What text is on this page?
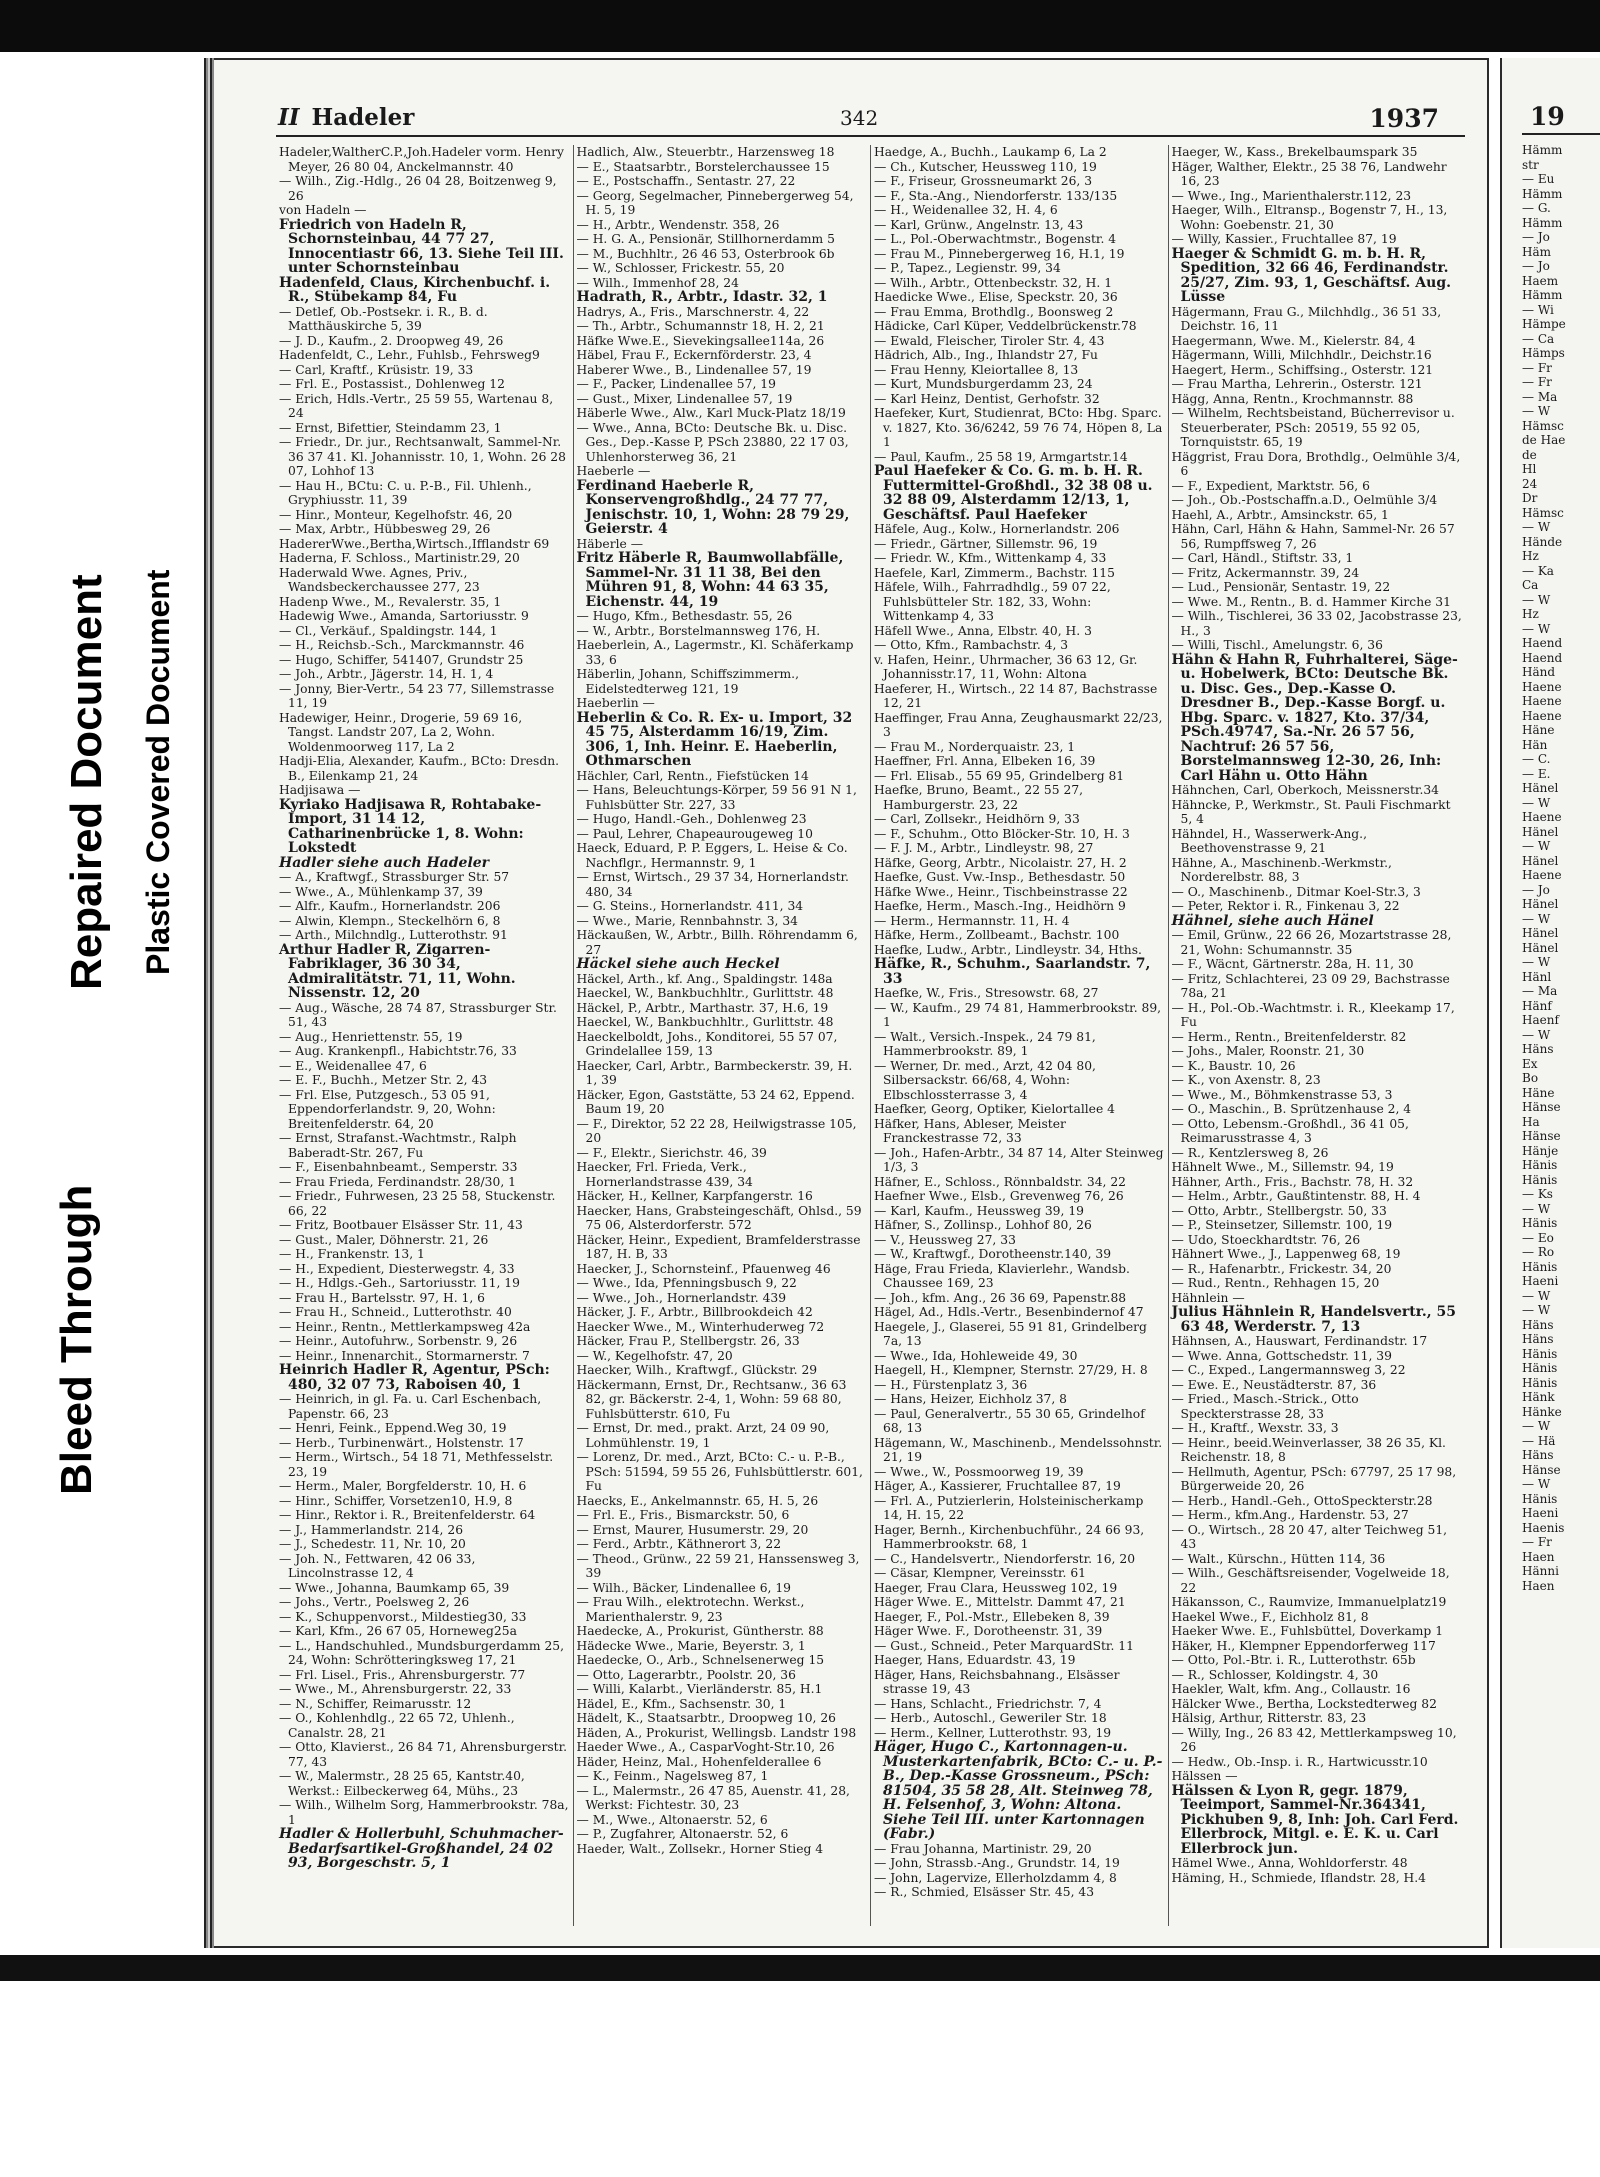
Bleed Through
Repaired Document Plastic Covered Document
II Hadeler	342	1937

Hadeler,WaltherC.P.,Joh.Hadeler vorm. Henry Meyer, 26 80 04, Anckelmannstr. 40

— Wilh., Zig.-Hdlg., 26 04 28, Boitzenweg 9, 26

von Hadeln —

Friedrich von Hadeln R, Schornsteinbau, 44 77 27, Innocentiastr 66, 13. Siehe Teil III. unter Schornsteinbau

Hadenfeld, Claus, Kirchenbuchf. i. R., Stübekamp 84, Fu

— Detlef, Ob.-Postsekr. i. R., B. d. Matthäuskirche 5, 39

— J. D., Kaufm., 2. Droopweg 49, 26

Hadenfeldt, C., Lehr., Fuhlsb., Fehrsweg9

— Carl, Kraftf., Krüsistr. 19, 33

— Frl. E., Postassist., Dohlenweg 12

— Erich, Hdls.-Vertr., 25 59 55, Wartenau 8, 24

— Ernst, Bifettier, Steindamm 23, 1

— Friedr., Dr. jur., Rechtsanwalt, Sammel-Nr. 36 37 41. Kl. Johannisstr. 10, 1, Wohn. 26 28 07, Lohhof 13

— Hau H., BCtu: C. u. P.-B., Fil. Uhlenh., Gryphiusstr. 11, 39

— Hinr., Monteur, Kegelhofstr. 46, 20

— Max, Arbtr., Hübbesweg 29, 26

HadererWwe.,Bertha,Wirtsch.,Ifflandstr 69

Haderna, F. Schloss., Martinistr.29, 20

Haderwald Wwe. Agnes, Priv., Wandsbeckerchaussee 277, 23

Hadenp Wwe., M., Revalerstr. 35, 1

Hadewig Wwe., Amanda, Sartoriusstr. 9

— Cl., Verkäuf., Spaldingstr. 144, 1

— H., Reichsb.-Sch., Marckmannstr. 46

— Hugo, Schiffer, 541407, Grundstr 25

— Joh., Arbtr., Jägerstr. 14, H. 1, 4

— Jonny, Bier-Vertr., 54 23 77, Sillemstrasse 11, 19

Hadewiger, Heinr., Drogerie, 59 69 16, Tangst. Landstr 207, La 2, Wohn. Woldenmoorweg 117, La 2

Hadji-Elia, Alexander, Kaufm., BCto: Dresdn. B., Eilenkamp 21, 24

Hadjisawa —

Kyriako Hadjisawa R, Rohtabake-Import, 31 14 12, Catharinenbrücke 1, 8. Wohn: Lokstedt

Hadler siehe auch Hadeler

— A., Kraftwgf., Strassburger Str. 57

— Wwe., A., Mühlenkamp 37, 39

— Alfr., Kaufm., Hornerlandstr. 206

— Alwin, Klempn., Steckelhörn 6, 8

— Arth., Milchndlg., Lutterothstr. 91

Arthur Hadler R, Zigarren-Fabriklager, 36 30 34, Admiralitätstr. 71, 11, Wohn. Nissenstr. 12, 20

— Aug., Wäsche, 28 74 87, Strassburger Str. 51, 43

— Aug., Henriettenstr. 55, 19

— Aug. Krankenpfl., Habichtstr.76, 33

— E., Weidenallee 47, 6

— E. F., Buchh., Metzer Str. 2, 43

— Frl. Else, Putzgesch., 53 05 91, Eppendorferlandstr. 9, 20, Wohn: Breitenfelderstr. 64, 20

— Ernst, Strafanst.-Wachtmstr., Ralph Baberadt-Str. 267, Fu

— F., Eisenbahnbeamt., Semperstr. 33

— Frau Frieda, Ferdinandstr. 28/30, 1

— Friedr., Fuhrwesen, 23 25 58, Stuckenstr. 66, 22

— Fritz, Bootbauer Elsässer Str. 11, 43

— Gust., Maler, Döhnerstr. 21, 26

— H., Frankenstr. 13, 1

— H., Expedient, Diesterwegstr. 4, 33

— H., Hdlgs.-Geh., Sartoriusstr. 11, 19

— Frau H., Bartelsstr. 97, H. 1, 6

— Frau H., Schneid., Lutterothstr. 40

— Heinr., Rentn., Mettlerkampsweg 42a

— Heinr., Autofuhrw., Sorbenstr. 9, 26

— Heinr., Innenarchit., Stormarnerstr. 7

Heinrich Hadler R, Agentur, PSch: 480, 32 07 73, Raboisen 40, 1

— Heinrich, in gl. Fa. u. Carl Eschenbach, Papenstr. 66, 23

— Henri, Feink., Eppend.Weg 30, 19

— Herb., Turbinenwärt., Holstenstr. 17

— Herm., Wirtsch., 54 18 71, Methfesselstr. 23, 19

— Herm., Maler, Borgfelderstr. 10, H. 6

— Hinr., Schiffer, Vorsetzen10, H.9, 8

— Hinr., Rektor i. R., Breitenfelderstr. 64

— J., Hammerlandstr. 214, 26

— J., Schedestr. 11, Nr. 10, 20

— Joh. N., Fettwaren, 42 06 33, Lincolnstrasse 12, 4

— Wwe., Johanna, Baumkamp 65, 39

— Johs., Vertr., Poelsweg 2, 26

— K., Schuppenvorst., Mildestieg30, 33

— Karl, Kfm., 26 67 05, Horneweg25a

— L., Handschuhled., Mundsburgerdamm 25, 24, Wohn: Schrötteringksweg 17, 21

— Frl. Lisel., Fris., Ahrensburgerstr. 77

— Wwe., M., Ahrensburgerstr. 22, 33

— N., Schiffer, Reimarusstr. 12

— O., Kohlenhdlg., 22 65 72, Uhlenh., Canalstr. 28, 21

— Otto, Klavierst., 26 84 71, Ahrensburgerstr. 77, 43

— W., Malermstr., 28 25 65, Kantstr.40, Werkst.: Eilbeckerweg 64, Mühs., 23

— Wilh., Wilhelm Sorg, Hammerbrookstr. 78a, 1

Hadler & Hollerbuhl, Schuhmacher-Bedarfsartikel-Großhandel, 24 02 93, Borgeschstr. 5, 1

Hadlich, Alw., Steuerbtr., Harzensweg 18

— E., Staatsarbtr., Borstelerchaussee 15

— E., Postschaffn., Sentastr. 27, 22

— Georg, Segelmacher, Pinnebergerweg 54, H. 5, 19

— H., Arbtr., Wendenstr. 358, 26

— H. G. A., Pensionär, Stillhornerdamm 5

— M., Buchhltr., 26 46 53, Osterbrook 6b

— W., Schlosser, Frickestr. 55, 20

— Wilh., Immenhof 28, 24

Hadrath, R., Arbtr., Idastr. 32, 1

Hadrys, A., Fris., Marschnerstr. 4, 22

— Th., Arbtr., Schumannstr 18, H. 2, 21

Häfke Wwe.E., Sievekingsallee114a, 26

Häbel, Frau F., Eckernförderstr. 23, 4

Haberer Wwe., B., Lindenallee 57, 19

— F., Packer, Lindenallee 57, 19

— Gust., Mixer, Lindenallee 57, 19

Häberle Wwe., Alw., Karl Muck-Platz 18/19

— Wwe., Anna, BCto: Deutsche Bk. u. Disc. Ges., Dep.-Kasse P, PSch 23880, 22 17 03, Uhlenhorsterweg 36, 21

Haeberle —

Ferdinand Haeberle R, Konservengroßhdlg., 24 77 77, Jenischstr. 10, 1, Wohn: 28 79 29, Geierstr. 4

Häberle —

Fritz Häberle R, Baumwollabfälle, Sammel-Nr. 31 11 38, Bei den Mühren 91, 8, Wohn: 44 63 35, Eichenstr. 44, 19

— Hugo, Kfm., Bethesdastr. 55, 26

— W., Arbtr., Borstelmannsweg 176, H.

Haeberlein, A., Lagermstr., Kl. Schäferkamp 33, 6

Häberlin, Johann, Schiffszimmerm., Eidelstedterweg 121, 19

Haeberlin —

Heberlin & Co. R. Ex- u. Import, 32 45 75, Alsterdamm 16/19, Zim. 306, 1, Inh. Heinr. E. Haeberlin, Othmarschen

Hächler, Carl, Rentn., Fiefstücken 14

— Hans, Beleuchtungs-Körper, 59 56 91 N 1, Fuhlsbütter Str. 227, 33

— Hugo, Handl.-Geh., Dohlenweg 23

— Paul, Lehrer, Chapeaurougeweg 10

Haeck, Eduard, P. P. Eggers, L. Heise & Co. Nachflgr., Hermannstr. 9, 1

— Ernst, Wirtsch., 29 37 34, Hornerlandstr. 480, 34

— G. Steins., Hornerlandstr. 411, 34

— Wwe., Marie, Rennbahnstr. 3, 34

Häckaußen, W., Arbtr., Billh. Röhrendamm 6, 27

Häckel siehe auch Heckel

Häckel, Arth., kf. Ang., Spaldingstr. 148a

Haeckel, W., Bankbuchhltr., Gurlittstr. 48

Häckel, P., Arbtr., Marthastr. 37, H.6, 19

Haeckel, W., Bankbuchhltr., Gurlittstr. 48

Haeckelboldt, Johs., Konditorei, 55 57 07, Grindelallee 159, 13

Haecker, Carl, Arbtr., Barmbeckerstr. 39, H. 1, 39

Häcker, Egon, Gaststätte, 53 24 62, Eppend. Baum 19, 20

— F., Direktor, 52 22 28, Heilwigstrasse 105, 20

— F., Elektr., Sierichstr. 46, 39

Haecker, Frl. Frieda, Verk., Hornerlandstrasse 439, 34

Häcker, H., Kellner, Karpfangerstr. 16

Haecker, Hans, Grabsteingeschäft, Ohlsd., 59 75 06, Alsterdorferstr. 572

Häcker, Heinr., Expedient, Bramfelderstrasse 187, H. B, 33

Haecker, J., Schornsteinf., Pfauenweg 46

— Wwe., Ida, Pfenningsbusch 9, 22

— Wwe., Joh., Hornerlandstr. 439

Häcker, J. F., Arbtr., Billbrookdeich 42

Haecker Wwe., M., Winterhuderweg 72

Häcker, Frau P., Stellbergstr. 26, 33

— W., Kegelhofstr. 47, 20

Haecker, Wilh., Kraftwgf., Glückstr. 29

Häckermann, Ernst, Dr., Rechtsanw., 36 63 82, gr. Bäckerstr. 2-4, 1, Wohn: 59 68 80, Fuhlsbütterstr. 610, Fu

— Ernst, Dr. med., prakt. Arzt, 24 09 90, Lohmühlenstr. 19, 1

— Lorenz, Dr. med., Arzt, BCto: C.- u. P.-B., PSch: 51594, 59 55 26, Fuhlsbüttlerstr. 601, Fu

Haecks, E., Ankelmannstr. 65, H. 5, 26

— Frl. E., Fris., Bismarckstr. 50, 6

— Ernst, Maurer, Husumerstr. 29, 20

— Ferd., Arbtr., Käthnerort 3, 22

— Theod., Grünw., 22 59 21, Hanssensweg 3, 39

— Wilh., Bäcker, Lindenallee 6, 19

— Frau Wilh., elektrotechn. Werkst., Marienthalerstr. 9, 23

Haedecke, A., Prokurist, Güntherstr. 88

Hädecke Wwe., Marie, Beyerstr. 3, 1

Haedecke, O., Arb., Schnelsenerweg 15

— Otto, Lagerarbtr., Poolstr. 20, 36

— Willi, Kalarbt., Vierländerstr. 85, H.1

Hädel, E., Kfm., Sachsenstr. 30, 1

Hädelt, K., Staatsarbtr., Droopweg 10, 26

Häden, A., Prokurist, Wellingsb. Landstr 198

Haeder Wwe., A., CasparVoght-Str.10, 26

Häder, Heinz, Mal., Hohenfelderallee 6

— K., Feinm., Nagelsweg 87, 1

— L., Malermstr., 26 47 85, Auenstr. 41, 28, Werkst: Fichtestr. 30, 23

— M., Wwe., Altonaerstr. 52, 6

— P., Zugfahrer, Altonaerstr. 52, 6

Haeder, Walt., Zollsekr., Horner Stieg 4

Haedge, A., Buchh., Laukamp 6, La 2

— Ch., Kutscher, Heussweg 110, 19

— F., Friseur, Grossneumarkt 26, 3

— F., Sta.-Ang., Niendorferstr. 133/135

— H., Weidenallee 32, H. 4, 6

— Karl, Grünw., Angelnstr. 13, 43

— L., Pol.-Oberwachtmstr., Bogenstr. 4

— Frau M., Pinnebergerweg 16, H.1, 19

— P., Tapez., Legienstr. 99, 34

— Wilh., Arbtr., Ottenbeckstr. 32, H. 1

Haedicke Wwe., Elise, Speckstr. 20, 36

— Frau Emma, Brothdlg., Boonsweg 2

Hädicke, Carl Küper, Veddelbrückenstr.78

— Ewald, Fleischer, Tiroler Str. 4, 43

Hädrich, Alb., Ing., Ihlandstr 27, Fu

— Frau Henny, Kleiortallee 8, 13

— Kurt, Mundsburgerdamm 23, 24

— Karl Heinz, Dentist, Gerhofstr. 32

Haefeker, Kurt, Studienrat, BCto: Hbg. Sparc. v. 1827, Kto. 36/6242, 59 76 74, Höpen 8, La 1

— Paul, Kaufm., 25 58 19, Armgartstr.14

Paul Haefeker & Co. G. m. b. H. R. Futtermittel-Großhdl., 32 38 08 u. 32 88 09, Alsterdamm 12/13, 1, Geschäftsf. Paul Haefeker

Häfele, Aug., Kolw., Hornerlandstr. 206

— Friedr., Gärtner, Sillemstr. 96, 19

— Friedr. W., Kfm., Wittenkamp 4, 33

Haefele, Karl, Zimmerm., Bachstr. 115

Häfele, Wilh., Fahrradhdlg., 59 07 22, Fuhlsbütteler Str. 182, 33, Wohn: Wittenkamp 4, 33

Häfell Wwe., Anna, Elbstr. 40, H. 3

— Otto, Kfm., Rambachstr. 4, 3

v. Hafen, Heinr., Uhrmacher, 36 63 12, Gr. Johannisstr.17, 11, Wohn: Altona

Haeferer, H., Wirtsch., 22 14 87, Bachstrasse 12, 21

Haeffinger, Frau Anna, Zeughausmarkt 22/23, 3

— Frau M., Norderquaistr. 23, 1

Haeffner, Frl. Anna, Elbeken 16, 39

— Frl. Elisab., 55 69 95, Grindelberg 81

Haefke, Bruno, Beamt., 22 55 27, Hamburgerstr. 23, 22

— Carl, Zollsekr., Heidhörn 9, 33

— F., Schuhm., Otto Blöcker-Str. 10, H. 3

— F. J. M., Arbtr., Lindleystr. 98, 27

Häfke, Georg, Arbtr., Nicolaistr. 27, H. 2

Haefke, Gust. Vw.-Insp., Bethesdastr. 50

Häfke Wwe., Heinr., Tischbeinstrasse 22

Haefke, Herm., Masch.-Ing., Heidhörn 9

— Herm., Hermannstr. 11, H. 4

Häfke, Herm., Zollbeamt., Bachstr. 100

Haefke, Ludw., Arbtr., Lindleystr. 34, Hths.

Häfke, R., Schuhm., Saarlandstr. 7, 33

Haefke, W., Fris., Stresowstr. 68, 27

— W., Kaufm., 29 74 81, Hammerbrookstr. 89, 1

— Walt., Versich.-Inspek., 24 79 81, Hammerbrookstr. 89, 1

— Werner, Dr. med., Arzt, 42 04 80, Silbersackstr. 66/68, 4, Wohn: Elbschlossterrasse 3, 4

Haefker, Georg, Optiker, Kielortallee 4

Häfker, Hans, Ableser, Meister Franckestrasse 72, 33

— Joh., Hafen-Arbtr., 34 87 14, Alter Steinweg 1/3, 3

Häfner, E., Schloss., Rönnbaldstr. 34, 22

Haefner Wwe., Elsb., Grevenweg 76, 26

— Karl, Kaufm., Heussweg 39, 19

Häfner, S., Zollinsp., Lohhof 80, 26

— V., Heussweg 27, 33

— W., Kraftwgf., Dorotheenstr.140, 39

Häge, Frau Frieda, Klavierlehr., Wandsb. Chaussee 169, 23

— Joh., kfm. Ang., 26 36 69, Papenstr.88

Hägel, Ad., Hdls.-Vertr., Besenbindernof 47

Haegele, J., Glaserei, 55 91 81, Grindelberg 7a, 13

— Wwe., Ida, Hohleweide 49, 30

Haegell, H., Klempner, Sternstr. 27/29, H. 8

— H., Fürstenplatz 3, 36

— Hans, Heizer, Eichholz 37, 8

— Paul, Generalvertr., 55 30 65, Grindelhof 68, 13

Hägemann, W., Maschinenb., Mendelssohnstr. 21, 19

— Wwe., W., Possmoorweg 19, 39

Häger, A., Kassierer, Fruchtallee 87, 19

— Frl. A., Putzierlerin, Holsteinischerkamp 14, H. 15, 22

Hager, Bernh., Kirchenbuchführ., 24 66 93, Hammerbrookstr. 68, 1

— C., Handelsvertr., Niendorferstr. 16, 20

— Cäsar, Klempner, Vereinsstr. 61

Haeger, Frau Clara, Heussweg 102, 19

Häger Wwe. E., Mittelstr. Dammt 47, 21

Haeger, F., Pol.-Mstr., Ellebeken 8, 39

Häger Wwe. F., Dorotheenstr. 31, 39

— Gust., Schneid., Peter MarquardStr. 11

Haeger, Hans, Eduardstr. 43, 19

Häger, Hans, Reichsbahnang., Elsässer strasse 19, 43

— Hans, Schlacht., Friedrichstr. 7, 4

— Herb., Autoschl., Geweriler Str. 18

— Herm., Kellner, Lutterothstr. 93, 19

Häger, Hugo C., Kartonnagen-u. Musterkartenfabrik, BCto: C.- u. P.-B., Dep.-Kasse Grossneum., PSch: 81504, 35 58 28, Alt. Steinweg 78, H. Felsenhof, 3, Wohn: Altona. Siehe Teil III. unter Kartonnagen (Fabr.)

— Frau Johanna, Martinistr. 29, 20

— John, Strassb.-Ang., Grundstr. 14, 19

— John, Lagervize, Ellerholzdamm 4, 8

— R., Schmied, Elsässer Str. 45, 43

Haeger, W., Kass., Brekelbaumspark 35

Häger, Walther, Elektr., 25 38 76, Landwehr 16, 23

— Wwe., Ing., Marienthalerstr.112, 23

Haeger, Wilh., Eltransp., Bogenstr 7, H., 13, Wohn: Goebenstr. 21, 30

— Willy, Kassier., Fruchtallee 87, 19

Haeger & Schmidt G. m. b. H. R, Spedition, 32 66 46, Ferdinandstr. 25/27, Zim. 93, 1, Geschäftsf. Aug. Lüsse

Hägermann, Frau G., Milchhdlg., 36 51 33, Deichstr. 16, 11

Haegermann, Wwe. M., Kielerstr. 84, 4

Hägermann, Willi, Milchhdlr., Deichstr.16

Haegert, Herm., Schiffsing., Osterstr. 121

— Frau Martha, Lehrerin., Osterstr. 121

Hägg, Anna, Rentn., Krochmannstr. 88

— Wilhelm, Rechtsbeistand, Bücherrevisor u. Steuerberater, PSch: 20519, 55 92 05, Tornquiststr. 65, 19

Häggrist, Frau Dora, Brothdlg., Oelmühle 3/4, 6

— F., Expedient, Marktstr. 56, 6

— Joh., Ob.-Postschaffn.a.D., Oelmühle 3/4

Haehl, A., Arbtr., Amsinckstr. 65, 1

Hähn, Carl, Hähn & Hahn, Sammel-Nr. 26 57 56, Rumpffsweg 7, 26

— Carl, Händl., Stiftstr. 33, 1

— Fritz, Ackermannstr. 39, 24

— Lud., Pensionär, Sentastr. 19, 22

— Wwe. M., Rentn., B. d. Hammer Kirche 31

— Wilh., Tischlerei, 36 33 02, Jacobstrasse 23, H., 3

— Willi, Tischl., Amelungstr. 6, 36

Hähn & Hahn R, Fuhrhalterei, Säge- u. Hobelwerk, BCto: Deutsche Bk. u. Disc. Ges., Dep.-Kasse O. Dresdner B., Dep.-Kasse Borgf. u. Hbg. Sparc. v. 1827, Kto. 37/34, PSch.49747, Sa.-Nr. 26 57 56, Nachtruf: 26 57 56, Borstelmannsweg 12-30, 26, Inh: Carl Hähn u. Otto Hähn

Hähnchen, Carl, Oberkoch, Meissnerstr.34

Hähncke, P., Werkmstr., St. Pauli Fischmarkt 5, 4

Hähndel, H., Wasserwerk-Ang., Beethovenstrasse 9, 21

Hähne, A., Maschinenb.-Werkmstr., Norderelbstr. 88, 3

— O., Maschinenb., Ditmar Koel-Str.3, 3

— Peter, Rektor i. R., Finkenau 3, 22

Hähnel, siehe auch Hänel

— Emil, Grünw., 22 66 26, Mozartstrasse 28, 21, Wohn: Schumannstr. 35

— F., Wäcnt, Gärtnerstr. 28a, H. 11, 30

— Fritz, Schlachterei, 23 09 29, Bachstrasse 78a, 21

— H., Pol.-Ob.-Wachtmstr. i. R., Kleekamp 17, Fu

— Herm., Rentn., Breitenfelderstr. 82

— Johs., Maler, Roonstr. 21, 30

— K., Baustr. 10, 26

— K., von Axenstr. 8, 23

— Wwe., M., Böhmkenstrasse 53, 3

— O., Maschin., B. Sprützenhause 2, 4

— Otto, Lebensm.-Großhdl., 36 41 05, Reimarusstrasse 4, 3

— R., Kentzlersweg 8, 26

Hähnelt Wwe., M., Sillemstr. 94, 19

Hähner, Arth., Fris., Bachstr. 78, H. 32

— Helm., Arbtr., Gaußtintenstr. 88, H. 4

— Otto, Arbtr., Stellbergstr. 50, 33

— P., Steinsetzer, Sillemstr. 100, 19

— Udo, Stoeckhardtstr. 76, 26

Hähnert Wwe., J., Lappenweg 68, 19

— R., Hafenarbtr., Frickestr. 34, 20

— Rud., Rentn., Rehhagen 15, 20

Hähnlein —

Julius Hähnlein R, Handelsvertr., 55 63 48, Werderstr. 7, 13

Hähnsen, A., Hauswart, Ferdinandstr. 17

— Wwe. Anna, Gottschedstr. 11, 39

— C., Exped., Langermannsweg 3, 22

— Ewe. E., Neustädterstr. 87, 36

— Fried., Masch.-Strick., Otto Speckterstrasse 28, 33

— H., Kraftf., Wexstr. 33, 3

— Heinr., beeid.Weinverlasser, 38 26 35, Kl. Reichenstr. 18, 8

— Hellmuth, Agentur, PSch: 67797, 25 17 98, Bürgerweide 20, 26

— Herb., Handl.-Geh., OttoSpeckterstr.28

— Herm., kfm.Ang., Hardenstr. 53, 27

— O., Wirtsch., 28 20 47, alter Teichweg 51, 43

— Walt., Kürschn., Hütten 114, 36

— Wilh., Geschäftsreisender, Vogelweide 18, 22

Häkansson, C., Raumvize, Immanuelplatz19

Haekel Wwe., F., Eichholz 81, 8

Haeker Wwe. E., Fuhlsbüttel, Doverkamp 1

Häker, H., Klempner Eppendorferweg 117

— Otto, Pol.-Btr. i. R., Lutterothstr. 65b

— R., Schlosser, Koldingstr. 4, 30

Haekler, Walt, kfm. Ang., Collaustr. 16

Hälcker Wwe., Bertha, Lockstedterweg 82

Hälsig, Arthur, Ritterstr. 83, 23

— Willy, Ing., 26 83 42, Mettlerkampsweg 10, 26

— Hedw., Ob.-Insp. i. R., Hartwicusstr.10

Hälssen —

Hälssen & Lyon R, gegr. 1879, Teeimport, Sammel-Nr.364341, Pickhuben 9, 8, Inh: Joh. Carl Ferd. Ellerbrock, Mitgl. e. E. K. u. Carl Ellerbrock jun.

Hämel Wwe., Anna, Wohldorferstr. 48

Häming, H., Schmiede, Iflandstr. 28, H.4

19
Hämm
str
— Eu
Hämm
— G.
Hämm
— Jo
Häm
— Jo
Haem
Hämm
— Wi
Hämpe
— Ca
Hämps
— Fr
— Fr
— Ma
— W
Hämsc
de Hae
de
Hl
24
Dr
Hämsc
— W
Hände
Hz
— Ka
Ca
— W
Hz
— W
Haend
Haend
Händ
Haene
Haene
Haene
Häne
Hän
— C.
— E.
Hänel
— W
Haene
Hänel
— W
Hänel
Haene
— Jo
Hänel
— W
Hänel
Hänel
— W
Hänl
— Ma
Hänf
Haenf
— W
Häns
Ex
Bo
Häne
Hänse
Ha
Hänse
Hänje
Hänis
Hänis
— Ks
— W
Hänis
— Eo
— Ro
Hänis
Haeni
— W
— W
Häns
Häns
Hänis
Hänis
Hänis
Hänk
Hänke
— W
— Hä
Häns
Hänse
— W
Hänis
Haeni
Haenis
— Fr
Haen
Hänni
Haen
